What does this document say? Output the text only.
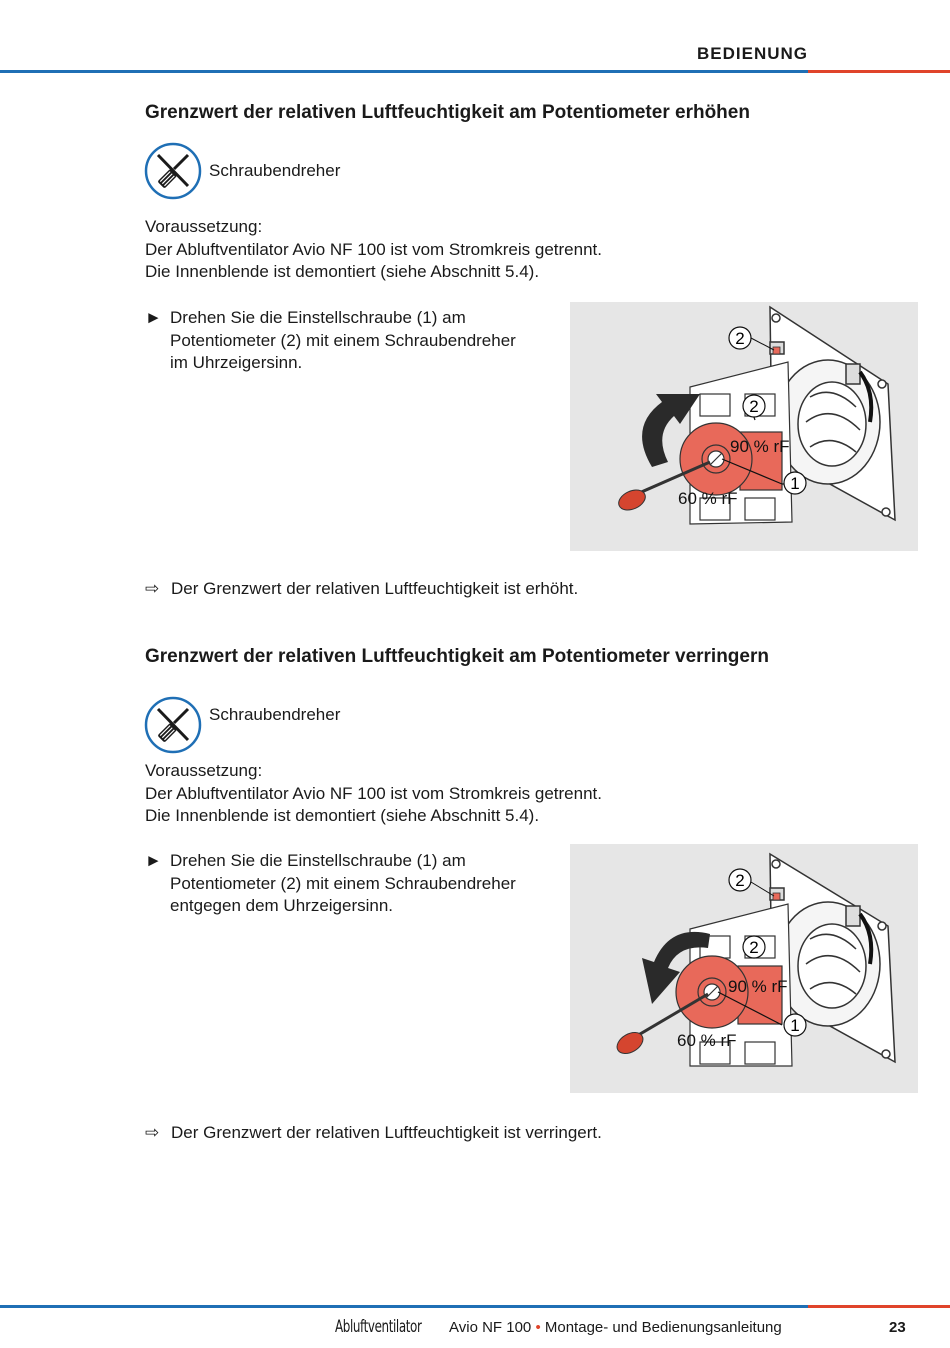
BEDIENUNG
Grenzwert der relativen Luftfeuchtigkeit am Potentiometer erhöhen
Schraubendreher
Voraussetzung:
Der Abluftventilator Avio NF 100 ist vom Stromkreis getrennt.
Die Innenblende ist demontiert (siehe Abschnitt 5.4).
► Drehen Sie die Einstellschraube (1) am
Potentiometer (2) mit einem Schraubendreher
im Uhrzeigersinn.
2
2
1
90 % rF
60 % rF
⇨ Der Grenzwert der relativen Luftfeuchtigkeit ist erhöht.
Grenzwert der relativen Luftfeuchtigkeit am Potentiometer verringern
Schraubendreher
Voraussetzung:
Der Abluftventilator Avio NF 100 ist vom Stromkreis getrennt.
Die Innenblende ist demontiert (siehe Abschnitt 5.4).
► Drehen Sie die Einstellschraube (1) am
Potentiometer (2) mit einem Schraubendreher
entgegen dem Uhrzeigersinn.
2
2
1
90 % rF
60 % rF
⇨ Der Grenzwert der relativen Luftfeuchtigkeit ist verringert.
Abluftventilator Avio NF 100 • Montage- und Bedienungsanleitung	23
